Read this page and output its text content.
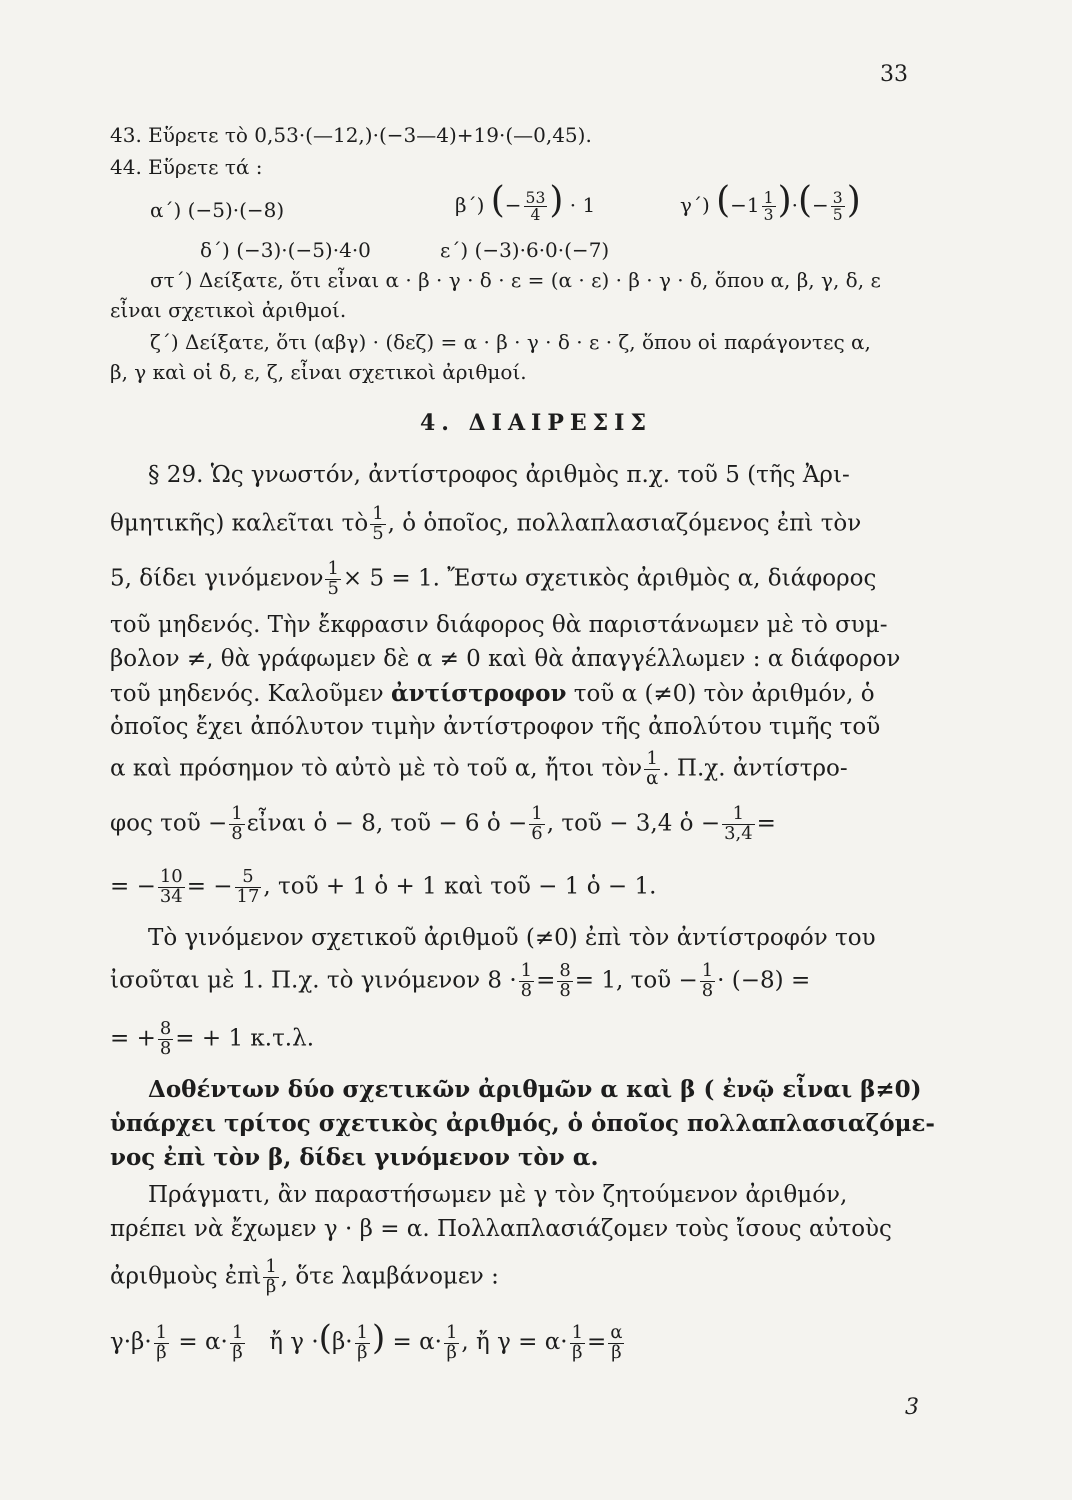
33
43. Εὕρετε τὸ 0,53·(—12,)·(−3—4)+19·(—0,45).
44. Εὕρετε τά :
α΄) (−5)·(−8)	β΄) (− $\frac{53}{4}$ ) · 1	γ΄) ($-1 \frac{1}{3}$ )·(− $\frac{3}{5}$ )
δ΄) (−3)·(−5)·4·0	ε΄) (−3)·6·0·(−7)
στ΄) Δείξατε, ὅτι εἶναι α · β · γ · δ · ε = (α · ε) · β · γ · δ, ὅπου α, β, γ, δ, ε
εἶναι σχετικοὶ ἀριθμοί.
ζ΄) Δείξατε, ὅτι (αβγ) · (δεζ) = α · β · γ · δ · ε · ζ, ὅπου οἱ παράγοντες α,
β, γ καὶ οἱ δ, ε, ζ, εἶναι σχετικοὶ ἀριθμοί.
4. ΔΙΑΙΡΕΣΙΣ
§ 29. Ὡς γνωστόν, ἀντίστροφος ἀριθμὸς π.χ. τοῦ 5 (τῆς Ἀρι-
θμητικῆς) καλεῖται τὸ $\frac{1}{5}$ , ὁ ὁποῖος, πολλαπλασιαζόμενος ἐπὶ τὸν
5, δίδει γινόμενον $\frac{1}{5} \times 5 = 1$. Ἔστω σχετικὸς ἀριθμὸς α, διάφορος
τοῦ μηδενός. Τὴν ἔκφρασιν διάφορος θὰ παριστάνωμεν μὲ τὸ συμ-
βολον ≠, θὰ γράφωμεν δὲ α ≠ 0 καὶ θὰ ἀπαγγέλλωμεν : α διάφορον
τοῦ μηδενός. Καλοῦμεν ἀντίστροφον τοῦ α (≠0) τὸν ἀριθμόν, ὁ
ὁποῖος ἔχει ἀπόλυτον τιμὴν ἀντίστροφον τῆς ἀπολύτου τιμῆς τοῦ
α καὶ πρόσημον τὸ αὐτὸ μὲ τὸ τοῦ α, ἤτοι τὸν $\frac{1}{\alpha}$ . Π.χ. ἀντίστρο-
φος τοῦ − $\frac{1}{8}$ εἶναι ὁ − 8, τοῦ − 6 ὁ − $\frac{1}{6}$ , τοῦ − 3,4 ὁ − $\frac{1}{3,4}$ =
= − $\frac{10}{34}$ = − $\frac{5}{17}$ , τοῦ + 1 ὁ + 1 καὶ τοῦ − 1 ὁ − 1.
Τὸ γινόμενον σχετικοῦ ἀριθμοῦ (≠0) ἐπὶ τὸν ἀντίστροφόν του
ἰσοῦται μὲ 1. Π.χ. τὸ γινόμενον $8 \cdot \frac{1}{8} = \frac{8}{8} = 1$, τοῦ − $\frac{1}{8} \cdot (-8)$ =
= + $\frac{8}{8}$ = + 1 κ.τ.λ.
Δοθέντων δύο σχετικῶν ἀριθμῶν α καὶ β ( ἐνῷ εἶναι β≠0)
ὑπάρχει τρίτος σχετικὸς ἀριθμός, ὁ ὁποῖος πολλαπλασιαζόμε-
νος ἐπὶ τὸν β, δίδει γινόμενον τὸν α.
Πράγματι, ἂν παραστήσωμεν μὲ γ τὸν ζητούμενον ἀριθμόν,
πρέπει νὰ ἔχωμεν γ · β = α. Πολλαπλασιάζομεν τοὺς ἴσους αὐτοὺς
ἀριθμοὺς ἐπὶ $\frac{1}{\beta}$ , ὅτε λαμβάνομεν :
$\gamma\cdot\beta\cdot \frac{1}{\beta} = \alpha\cdot \frac{1}{\beta}$ ἤ $\gamma \cdot(\beta\cdot \frac{1}{\beta}$ ) = $\alpha\cdot \frac{1}{\beta}$ , ἤ $\gamma = \alpha\cdot \frac{1}{\beta} = \frac{\alpha}{\beta}$
3
